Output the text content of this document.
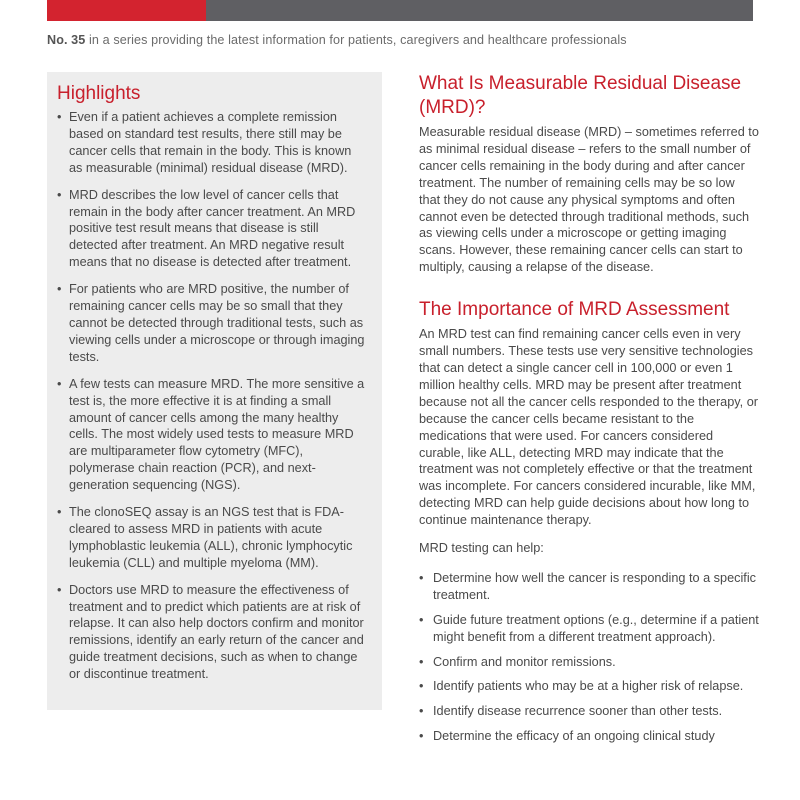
No. 35 in a series providing the latest information for patients, caregivers and healthcare professionals
Highlights
• Even if a patient achieves a complete remission based on standard test results, there still may be cancer cells that remain in the body. This is known as measurable (minimal) residual disease (MRD).
• MRD describes the low level of cancer cells that remain in the body after cancer treatment. An MRD positive test result means that disease is still detected after treatment. An MRD negative result means that no disease is detected after treatment.
• For patients who are MRD positive, the number of remaining cancer cells may be so small that they cannot be detected through traditional tests, such as viewing cells under a microscope or through imaging tests.
• A few tests can measure MRD. The more sensitive a test is, the more effective it is at finding a small amount of cancer cells among the many healthy cells. The most widely used tests to measure MRD are multiparameter flow cytometry (MFC), polymerase chain reaction (PCR), and next-generation sequencing (NGS).
• The clonoSEQ assay is an NGS test that is FDA-cleared to assess MRD in patients with acute lymphoblastic leukemia (ALL), chronic lymphocytic leukemia (CLL) and multiple myeloma (MM).
• Doctors use MRD to measure the effectiveness of treatment and to predict which patients are at risk of relapse. It can also help doctors confirm and monitor remissions, identify an early return of the cancer and guide treatment decisions, such as when to change or discontinue treatment.
What Is Measurable Residual Disease (MRD)?

Measurable residual disease (MRD) – sometimes referred to as minimal residual disease – refers to the small number of cancer cells remaining in the body during and after cancer treatment. The number of remaining cells may be so low that they do not cause any physical symptoms and often cannot even be detected through traditional methods, such as viewing cells under a microscope or getting imaging scans. However, these remaining cancer cells can start to multiply, causing a relapse of the disease.

The Importance of MRD Assessment

An MRD test can find remaining cancer cells even in very small numbers. These tests use very sensitive technologies that can detect a single cancer cell in 100,000 or even 1 million healthy cells. MRD may be present after treatment because not all the cancer cells responded to the therapy, or because the cancer cells became resistant to the medications that were used. For cancers considered curable, like ALL, detecting MRD may indicate that the treatment was not completely effective or that the treatment was incomplete. For cancers considered incurable, like MM, detecting MRD can help guide decisions about how long to continue maintenance therapy.

MRD testing can help:

• Determine how well the cancer is responding to a specific treatment.
• Guide future treatment options (e.g., determine if a patient might benefit from a different treatment approach).
• Confirm and monitor remissions.
• Identify patients who may be at a higher risk of relapse.
• Identify disease recurrence sooner than other tests.
• Determine the efficacy of an ongoing clinical study
